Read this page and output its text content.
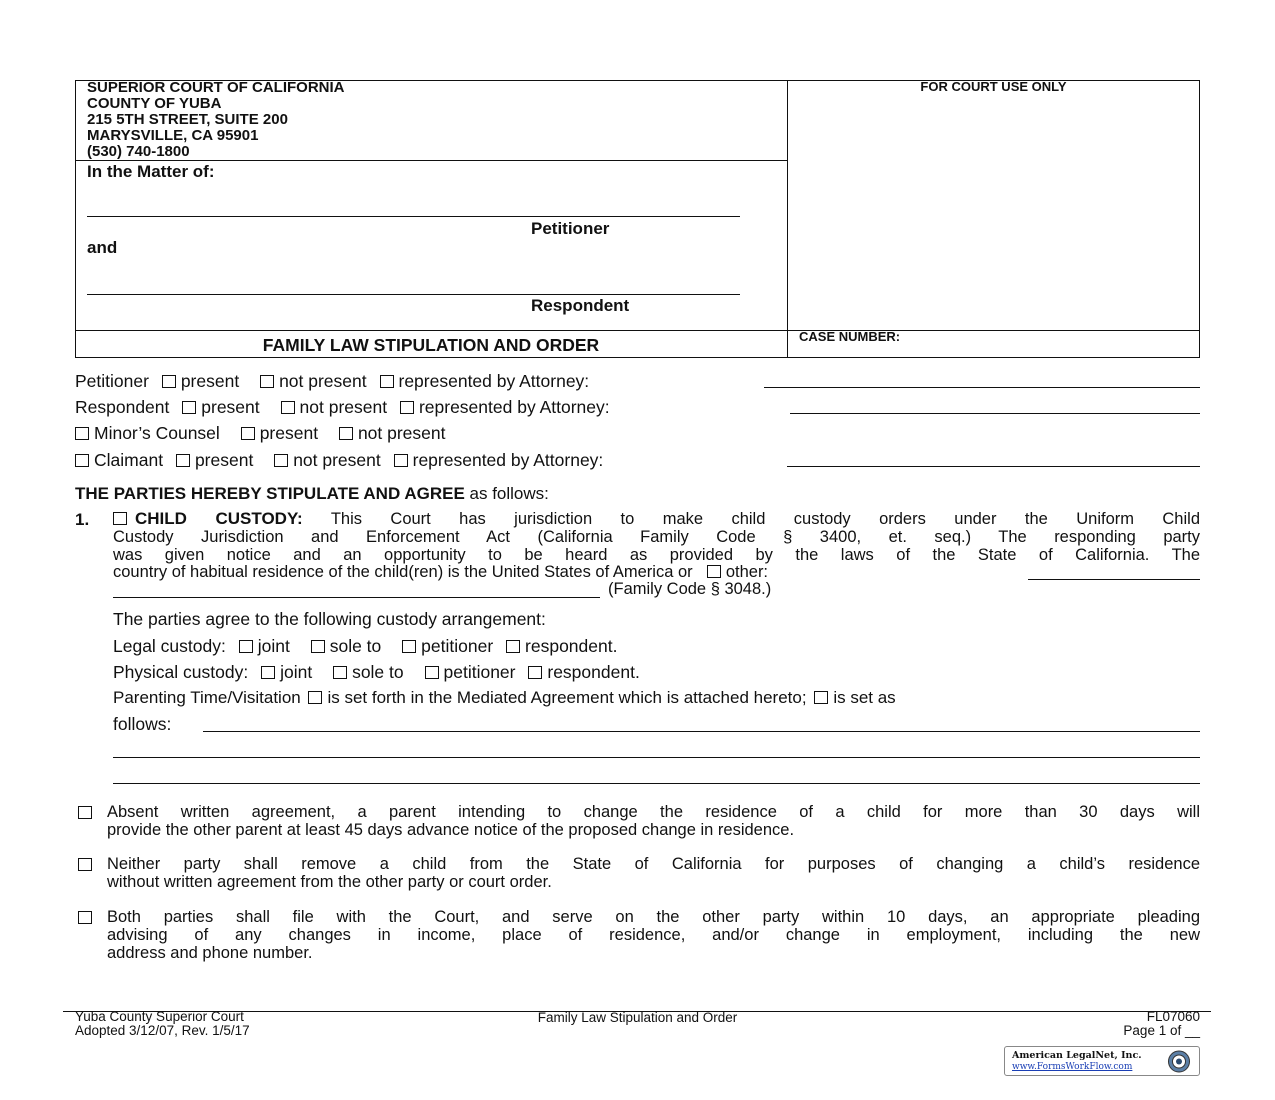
SUPERIOR COURT OF CALIFORNIA
COUNTY OF YUBA
215 5TH STREET, SUITE 200
MARYSVILLE, CA 95901
(530) 740-1800
In the Matter of:
Petitioner
and
Respondent
FAMILY LAW STIPULATION AND ORDER
FOR COURT USE ONLY
CASE NUMBER:
Petitioner present not present represented by Attorney:
Respondent present not present represented by Attorney:
Minor’s Counsel present not present
Claimant present not present represented by Attorney:
THE PARTIES HEREBY STIPULATE AND AGREE as follows:
1.	CHILD CUSTODY: This Court has jurisdiction to make child custody orders under the Uniform Child
Custody Jurisdiction and Enforcement Act (California Family Code § 3400, et. seq.) The responding party
was given notice and an opportunity to be heard as provided by the laws of the State of California. The
country of habitual residence of the child(ren) is the United States of America or other:
(Family Code § 3048.)
The parties agree to the following custody arrangement:
Legal custody: joint sole to petitioner respondent.
Physical custody: joint sole to petitioner respondent.
Parenting Time/Visitation is set forth in the Mediated Agreement which is attached hereto; is set as
follows:
Absent written agreement, a parent intending to change the residence of a child for more than 30 days will
provide the other parent at least 45 days advance notice of the proposed change in residence.
Neither party shall remove a child from the State of California for purposes of changing a child’s residence
without written agreement from the other party or court order.
Both parties shall file with the Court, and serve on the other party within 10 days, an appropriate pleading
advising of any changes in income, place of residence, and/or change in employment, including the new
address and phone number.
Yuba County Superior Court
Adopted 3/12/07, Rev. 1/5/17
Family Law Stipulation and Order	FL07060
Page 1 of __
American LegalNet, Inc.
www.FormsWorkFlow.com
